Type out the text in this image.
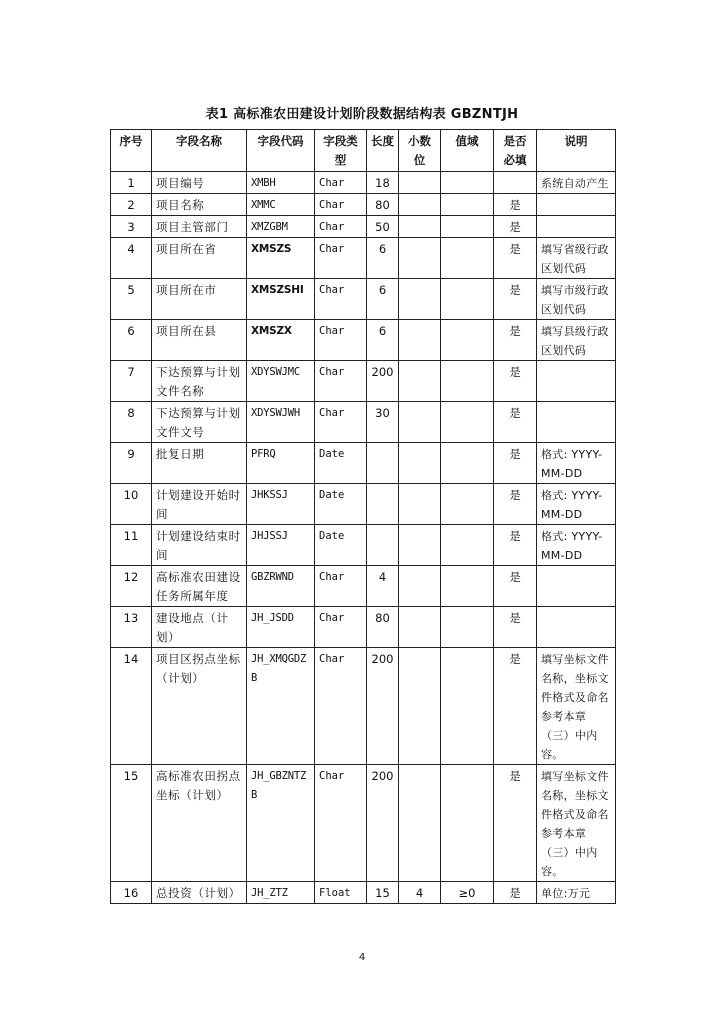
表1 高标准农田建设计划阶段数据结构表 GBZNTJH
序号	字段名称	字段代码	字段类型	长度	小数位	值域	是否必填	说明
1	项目编号	XMBH	Char	18				系统自动产生
2	项目名称	XMMC	Char	80			是	
3	项目主管部门	XMZGBM	Char	50			是	
4	项目所在省	XMSZS	Char	6			是	填写省级行政区划代码
5	项目所在市	XMSZSHI	Char	6			是	填写市级行政区划代码
6	项目所在县	XMSZX	Char	6			是	填写县级行政区划代码
7	下达预算与计划文件名称	XDYSWJMC	Char	200			是	
8	下达预算与计划文件文号	XDYSWJWH	Char	30			是	
9	批复日期	PFRQ	Date				是	格式: YYYY-MM-DD
10	计划建设开始时间	JHKSSJ	Date				是	格式: YYYY-MM-DD
11	计划建设结束时间	JHJSSJ	Date				是	格式: YYYY-MM-DD
12	高标准农田建设任务所属年度	GBZRWND	Char	4			是	
13	建设地点（计划）	JH_JSDD	Char	80			是	
14	项目区拐点坐标（计划）	JH_XMQGDZB	Char	200			是	填写坐标文件名称，坐标文件格式及命名参考本章（三）中内容。
15	高标准农田拐点坐标（计划）	JH_GBZNTZB	Char	200			是	填写坐标文件名称，坐标文件格式及命名参考本章（三）中内容。
16	总投资（计划）	JH_ZTZ	Float	15	4	≥0	是	单位:万元
4
